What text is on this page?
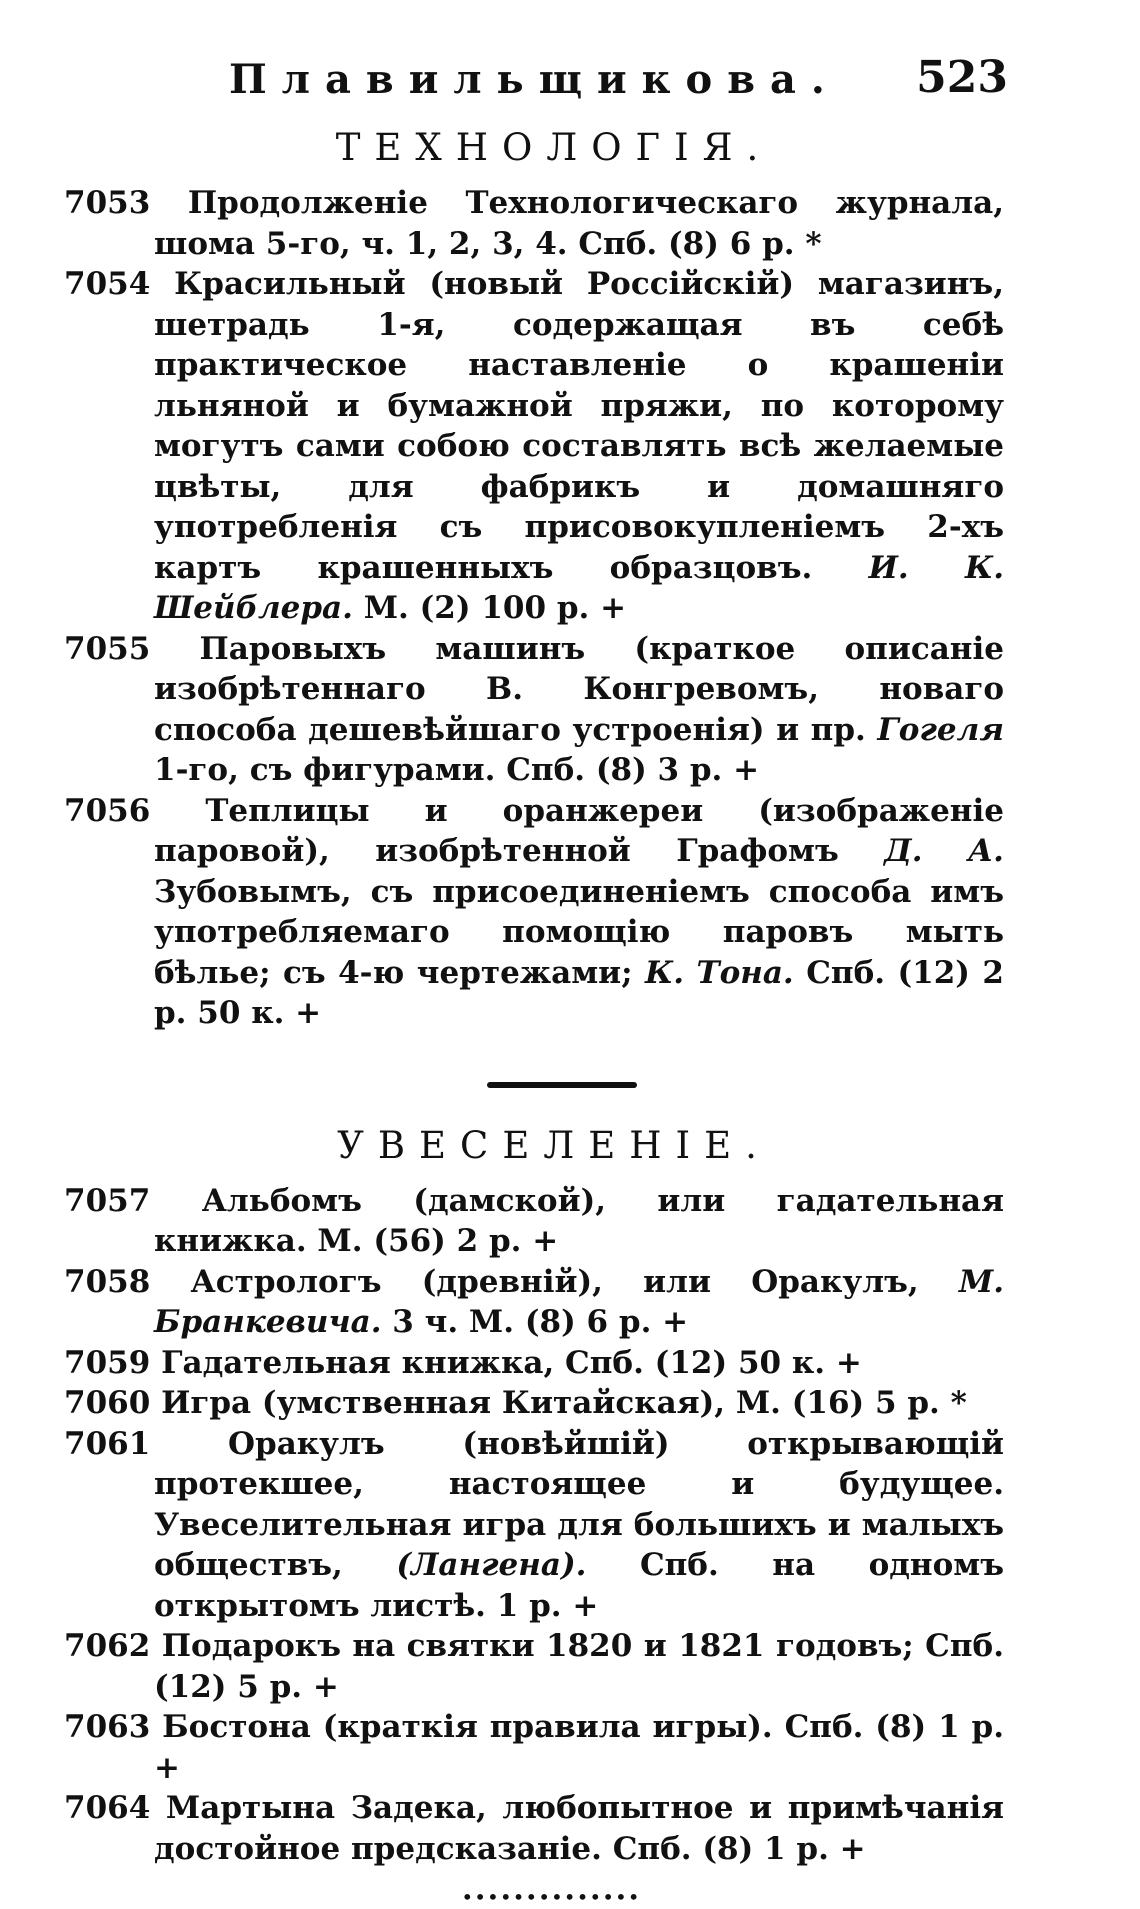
Плавильщикова. 523
ТЕХНОЛОГІЯ.

7053 Продолженіе Технологическаго журнала, шома 5-го, ч. 1, 2, 3, 4. Спб. (8) 6 р. *

7054 Красильный (новый Россійскій) магазинъ, шетрадь 1-я, содержащая въ себѣ практическое наставленіе о крашеніи льняной и бумажной пряжи, по которому могутъ сами собою составлять всѣ желаемые цвѣты, для фабрикъ и домашняго употребленія съ присовокупленіемъ 2-хъ картъ крашенныхъ образцовъ. И. К. Шейблера. М. (2) 100 р. +

7055 Паровыхъ машинъ (краткое описаніе изобрѣтеннаго В. Конгревомъ, новаго способа дешевѣйшаго устроенія) и пр. Гогеля 1-го, съ фигурами. Спб. (8) 3 р. +

7056 Теплицы и оранжереи (изображеніе паровой), изобрѣтенной Графомъ Д. А. Зубовымъ, съ присоединеніемъ способа имъ употребляемаго помощію паровъ мыть бѣлье; съ 4-ю чертежами; К. Тона. Спб. (12) 2 р. 50 к. +

УВЕСЕЛЕНІЕ.

7057 Альбомъ (дамской), или гадательная книжка. М. (56) 2 р. +

7058 Астрологъ (древній), или Оракулъ, М. Бранкевича. 3 ч. М. (8) 6 р. +

7059 Гадательная книжка, Спб. (12) 50 к. +

7060 Игра (умственная Китайская), М. (16) 5 р. *

7061	Оракулъ (новѣйшій) открывающій протекшее, настоящее и будущее. Увеселительная игра для большихъ и малыхъ обществъ, (Лангена). Спб. на одномъ открытомъ листѣ. 1 р. +

7062 Подарокъ на святки 1820 и 1821 годовъ; Спб. (12) 5 р. +

7063 Бостона (краткія правила игры). Спб. (8) 1 р. +

7064 Мартына Задека, любопытное и примѣчанія достойное предсказаніе. Спб. (8) 1 р. +

••••••••••••••
